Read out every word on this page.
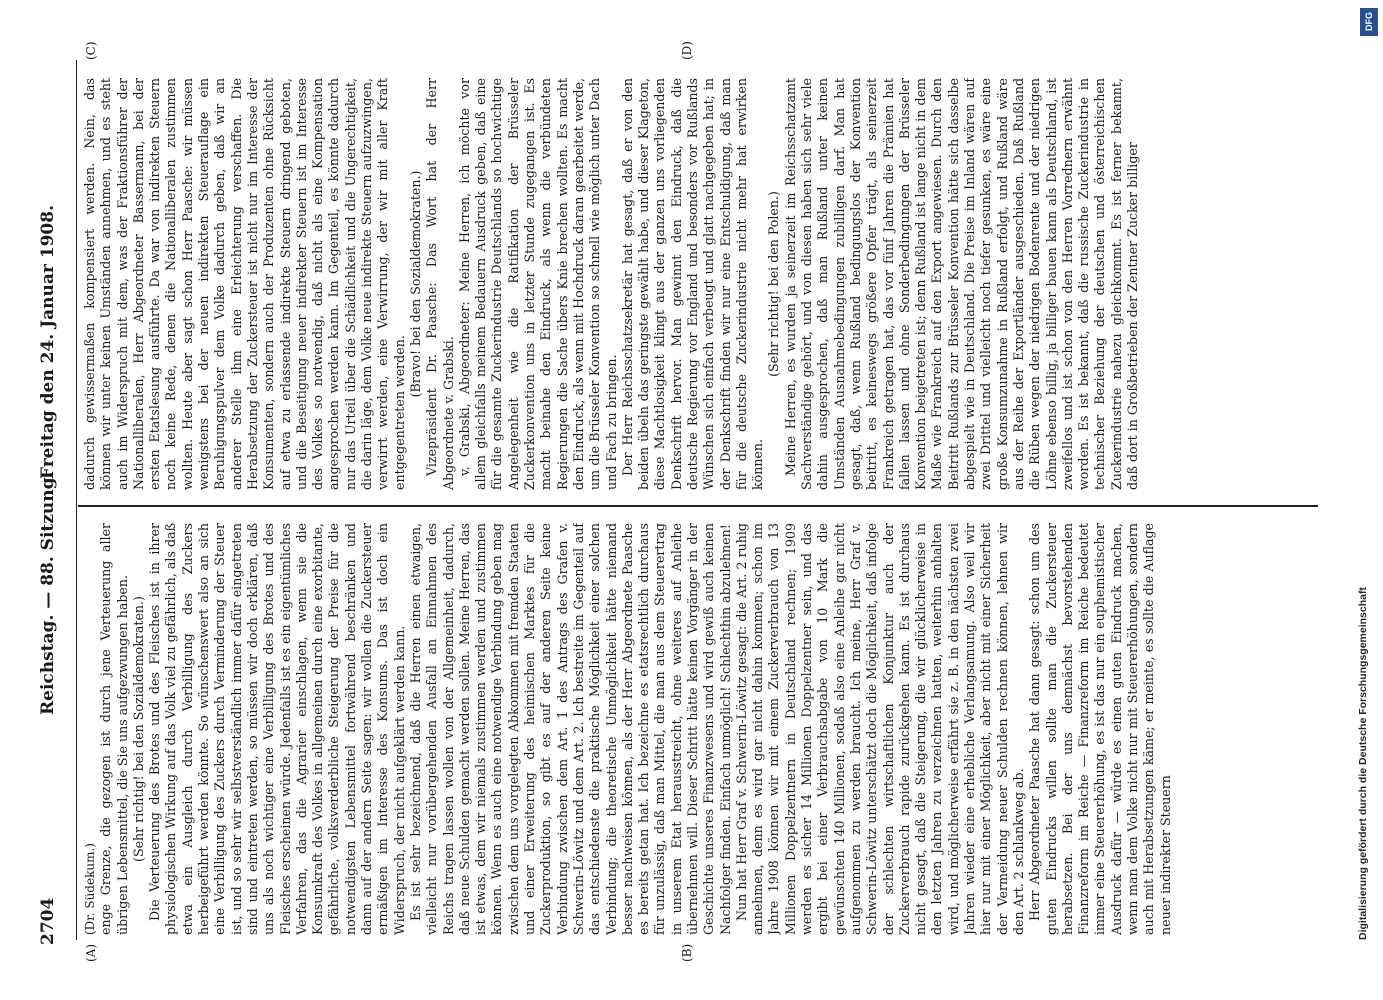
2704
Reichstag. — 88. Sitzung.
Freitag den 24. Januar 1908.
(A)	(B)
(C)	(D)

(Dr. Südekum.) enge Grenze, die gezogen ist durch jene Verteuerung aller übrigen Lebensmittel, die Sie uns aufgezwungen haben. (Sehr richtig! bei den Sozialdemokraten.) Die Verteuerung des Brotes und des Fleisches ist in ihrer physiologischen Wirkung auf das Volk viel zu gefährlich, als daß etwa ein Ausgleich durch Verbilligung des Zuckers herbeigeführt werden könnte. So wünschenswert also an sich eine Verbilligung des Zuckers durch Verminderung der Steuer ist, und so sehr wir selbstverständlich immer dafür eingetreten sind und eintreten werden, so müssen wir doch erklären, daß uns als noch wichtiger eine Verbilligung des Brotes und des Fleisches erscheinen würde. Jedenfalls ist es ein eigentümliches Verfahren, das die Agrarier einschlagen, wenn sie die Konsumkraft des Volkes in allgemeinen durch eine exorbitante, gefährliche, volksverderbliche Steigerung der Preise für die notwendigsten Lebensmittel fortwährend beschränken und dann auf der andern Seite sagen: wir wollen die Zuckersteuer ermäßigen im Interesse des Konsums. Das ist doch ein Widerspruch, der nicht aufgeklärt werden kann. Es ist sehr bezeichnend, daß die Herren einen etwaigen, vielleicht nur vorübergehenden Ausfall an Einnahmen des Reichs tragen lassen wollen von der Allgemeinheit, dadurch, daß neue Schulden gemacht werden sollen. Meine Herren, das ist etwas, dem wir niemals zustimmen werden und zustimmen können. Wenn es auch eine notwendige Verbindung geben mag zwischen dem uns vorgelegten Abkommen mit fremden Staaten und einer Erweiterung des heimischen Marktes für die Zuckerproduktion, so gibt es auf der anderen Seite keine Verbindung zwischen dem Art. 1 des Antrags des Grafen v. Schwerin-Löwitz und dem Art. 2. Ich bestreite im Gegenteil auf das entschiedenste die praktische Möglichkeit einer solchen Verbindung; die theoretische Unmöglichkeit hätte niemand besser nachweisen können, als der Herr Abgeordnete Paasche es bereits getan hat. Ich bezeichne es etatsrechtlich durchaus für unzulässig, daß man Mittel, die man aus dem Steuerertrag in unserem Etat herausstreicht, ohne weiteres auf Anleihe übernehmen will. Dieser Schritt hätte keinen Vorgänger in der Geschichte unseres Finanzwesens und wird gewiß auch keinen Nachfolger finden. Einfach unmöglich! Schlechthin abzulehnen! Nun hat Herr Graf v. Schwerin-Löwitz gesagt: die Art. 2 ruhig annehmen, denn es wird gar nicht dahin kommen; schon im Jahre 1908 können wir mit einem Zuckerverbrauch von 13 Millionen Doppelzentnern in Deutschland rechnen; 1909 werden es sicher 14 Millionen Doppelzentner sein, und das ergibt bei einer Verbrauchsabgabe von 10 Mark die gewünschten 140 Millionen, sodaß also eine Anleihe gar nicht aufgenommen zu werden braucht. Ich meine, Herr Graf v. Schwerin-Löwitz unterschätzt doch die Möglichkeit, daß infolge der schlechten wirtschaftlichen Konjunktur auch der Zuckerverbrauch rapide zurückgehen kann. Es ist durchaus nicht gesagt, daß die Steigerung, die wir glücklicherweise in den letzten Jahren zu verzeichnen hatten, weiterhin anhalten wird, und möglicherweise erfährt sie z. B. in den nächsten zwei Jahren wieder eine erhebliche Verlangsamung. Also weil wir hier nur mit einer Möglichkeit, aber nicht mit einer Sicherheit der Vermeidung neuer Schulden rechnen können, lehnen wir den Art. 2 schlankweg ab. Herr Abgeordneter Paasche hat dann gesagt: schon um des guten Eindrucks willen sollte man die Zuckersteuer herabsetzen. Bei der uns demnächst bevorstehenden Finanzreform im Reiche — Finanzreform im Reiche bedeutet immer eine Steuererhöhung, es ist das nur ein euphemistischer Ausdruck dafür — würde es einen guten Eindruck machen, wenn man dem Volke nicht nur mit Steuererhöhungen, sondern auch mit Herabsetzungen käme; er meinte, es sollte die Auflage neuer indirekter Steuern

dadurch gewissermaßen kompensiert werden. Nein, das können wir unter keinen Umständen annehmen, und es steht auch im Widerspruch mit dem, was der Fraktionsführer der Nationalliberalen, Herr Abgeordneter Bassermann, bei der ersten Etatslesung ausführte. Da war von indirekten Steuern noch keine Rede, denen die Nationalliberalen zustimmen wollten. Heute aber sagt schon Herr Paasche: wir müssen wenigstens bei der neuen indirekten Steuerauflage ein Beruhigungspulver dem Volke dadurch geben, daß wir an anderer Stelle ihm eine Erleichterung verschaffen. Die Herabsetzung der Zuckersteuer ist nicht nur im Interesse der Konsumenten, sondern auch der Produzenten ohne Rücksicht auf etwa zu erlassende indirekte Steuern dringend geboten, und die Beseitigung neuer indirekter Steuern ist im Interesse des Volkes so notwendig, daß nicht als eine Kompensation angesprochen werden kann. Im Gegenteil, es könnte dadurch nur das Urteil über die Schädlichkeit und die Ungerechtigkeit, die darin läge, dem Volke neue indirekte Steuern aufzuzwingen, verwirrt werden, eine Verwirrung, der wir mit aller Kraft entgegentreten werden.

(Bravo! bei den Sozialdemokraten.) Vizepräsident Dr. Paasche: Das Wort hat der Herr Abgeordnete v. Grabski. v. Grabski, Abgeordneter: Meine Herren, ich möchte vor allem gleichfalls meinem Bedauern Ausdruck geben, daß eine für die gesamte Zuckerindustrie Deutschlands so hochwichtige Angelegenheit wie die Ratifikation der Brüsseler Zuckerkonvention uns in letzter Stunde zugegangen ist. Es macht beinahe den Eindruck, als wenn die verbündeten Regierungen die Sache übers Knie brechen wollten. Es macht den Eindruck, als wenn mit Hochdruck daran gearbeitet werde, um die Brüsseler Konvention so schnell wie möglich unter Dach und Fach zu bringen. Der Herr Reichsschatzsekretär hat gesagt, daß er von den beiden übeln das geringste gewählt habe, und dieser Klageton, diese Machtlosigkeit klingt aus der ganzen uns vorliegenden Denkschrift hervor. Man gewinnt den Eindruck, daß die deutsche Regierung vor England und besonders vor Rußlands Wünschen sich einfach verbeugt und glatt nachgegeben hat; in der Denkschrift finden wir nur eine Entschuldigung, daß man für die deutsche Zuckerindustrie nicht mehr hat erwirken können.

(Sehr richtig! bei den Polen.) Meine Herren, es wurden ja seinerzeit im Reichsschatzamt Sachverständige gehört, und von diesen haben sich sehr viele dahin ausgesprochen, daß man Rußland unter keinen Umständen Ausnahmebedingungen zubilligen darf. Man hat gesagt, daß, wenn Rußland bedingungslos der Konvention beitritt, es keineswegs größere Opfer trägt, als seinerzeit Frankreich getragen hat, das vor fünf Jahren die Prämien hat fallen lassen und ohne Sonderbedingungen der Brüsseler Konvention beigetreten ist; denn Rußland ist lange nicht in dem Maße wie Frankreich auf den Export angewiesen. Durch den Beitritt Rußlands zur Brüsseler Konvention hätte sich dasselbe abgespielt wie in Deutschland. Die Preise im Inland wären auf zwei Drittel und vielleicht noch tiefer gesunken, es wäre eine große Konsumzunahme in Rußland erfolgt, und Rußland wäre aus der Reihe der Exportländer ausgeschieden. Daß Rußland die Rüben wegen der niedrigen Bodenrente und der niedrigen Löhne ebenso billig, ja billiger bauen kann als Deutschland, ist zweifellos und ist schon von den Herren Vorrednern erwähnt worden. Es ist bekannt, daß die russische Zuckerindustrie in technischer Beziehung der deutschen und österreichischen Zuckerindustrie nahezu gleichkommt. Es ist ferner bekannt, daß dort in Großbetrieben der Zentner Zucker billiger

DFG
Digitalisierung gefördert durch die Deutsche Forschungsgemeinschaft
